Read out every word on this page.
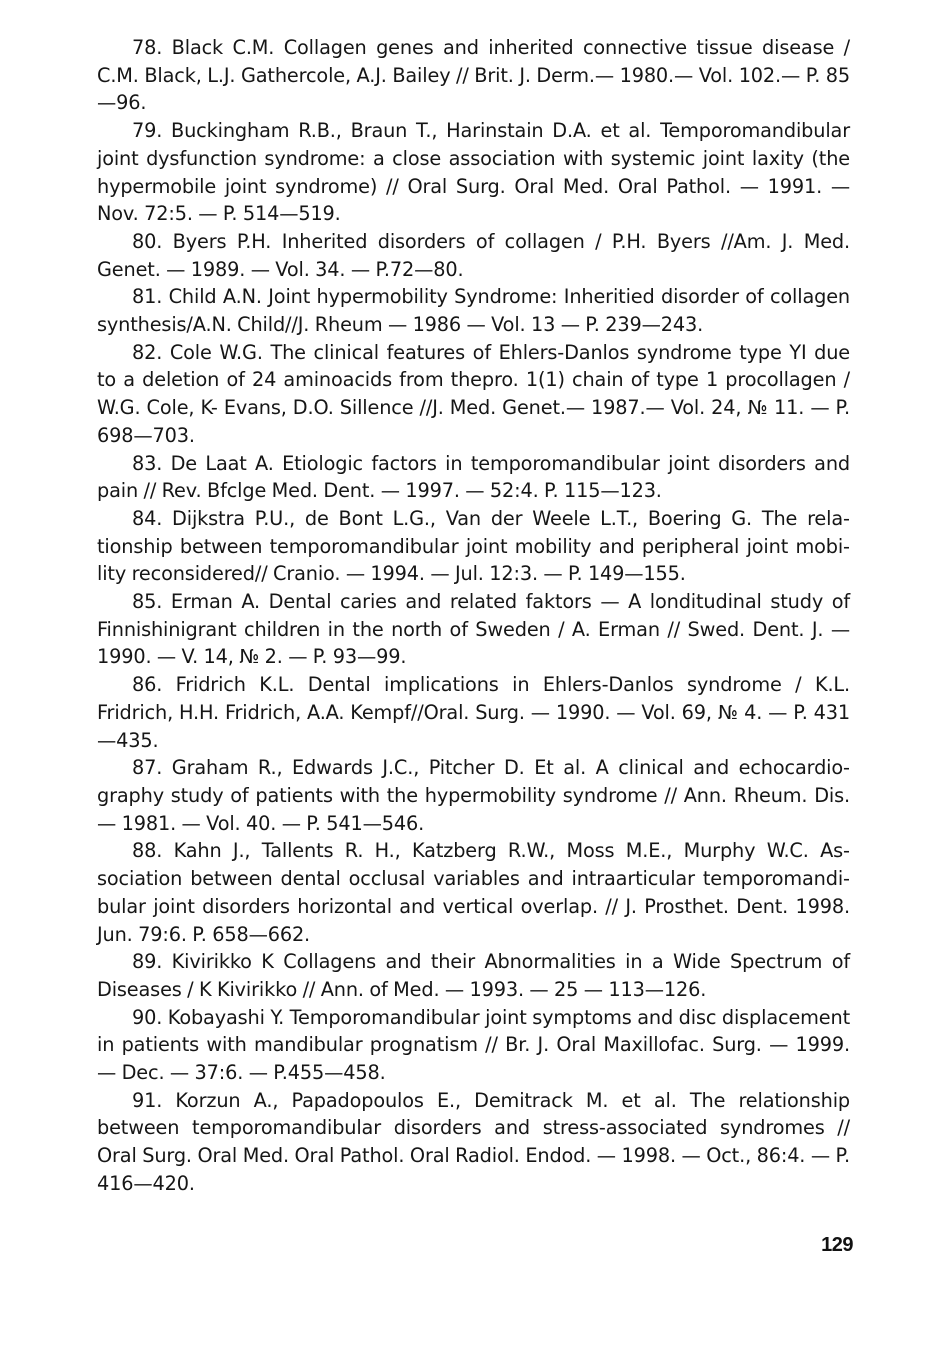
78. Black C.M. Collagen genes and inherited connective tissue disease / C.M. Black, L.J. Gathercole, A.J. Bailey // Brit. J. Derm.— 1980.— Vol. 102.— P. 85—96.

79. Buckingham R.B., Braun T., Harinstain D.A. et al. Temporomandibular joint dysfunction syndrome: a close association with systemic joint laxity (the hypermobile joint syndrome) // Oral Surg. Oral Med. Oral Pathol. — 1991. — Nov. 72:5. — P. 514—519.

80. Byers P.H. Inherited disorders of collagen / P.H. Byers //Am. J. Med. Genet. — 1989. — Vol. 34. — P.72—80.

81. Child A.N. Joint hypermobility Syndrome: Inheritied disorder of collagen synthesis/A.N. Child//J. Rheum — 1986 — Vol. 13 — P. 239—243.

82. Cole W.G. The clinical features of Ehlers-Danlos syndrome type YI due to a deletion of 24 aminoacids from thepro. 1(1) chain of type 1 procollagen / W.G. Cole, K- Evans, D.O. Sillence //J. Med. Genet.— 1987.— Vol. 24, № 11. — P. 698—703.

83. De Laat A. Etiologic factors in temporomandibular joint disorders and pain // Rev. Bfclge Med. Dent. — 1997. — 52:4. P. 115—123.

84. Dijkstra P.U., de Bont L.G., Van der Weele L.T., Boering G. The relationship between temporomandibular joint mobility and peripheral joint mobility reconsidered// Cranio. — 1994. — Jul. 12:3. — P. 149—155.

85. Erman A. Dental caries and related faktors — A londitudinal study of Finnishinigrant children in the north of Sweden / A. Erman // Swed. Dent. J. — 1990. — V. 14, № 2. — P. 93—99.

86. Fridrich K.L. Dental implications in Ehlers-Danlos syndrome / K.L. Fridrich, H.H. Fridrich, A.A. Kempf//Oral. Surg. — 1990. — Vol. 69, № 4. — P. 431—435.

87. Graham R., Edwards J.C., Pitcher D. Et al. A clinical and echocardiography study of patients with the hypermobility syndrome // Ann. Rheum. Dis. — 1981. — Vol. 40. — P. 541—546.

88. Kahn J., Tallents R. H., Katzberg R.W., Moss M.E., Murphy W.C. Association between dental occlusal variables and intraarticular temporomandibular joint disorders horizontal and vertical overlap. // J. Prosthet. Dent. 1998. Jun. 79:6. P. 658—662.

89. Kivirikko K Collagens and their Abnormalities in a Wide Spectrum of Diseases / K Kivirikko // Ann. of Med. — 1993. — 25 — 113—126.

90. Kobayashi Y. Temporomandibular joint symptoms and disc displacement in patients with mandibular prognatism // Br. J. Oral Maxillofac. Surg. — 1999. — Dec. — 37:6. — P.455—458.

91. Korzun A., Papadopoulos E., Demitrack M. et al. The relationship between temporomandibular disorders and stress-associated syndromes // Oral Surg. Oral Med. Oral Pathol. Oral Radiol. Endod. — 1998. — Oct., 86:4. — P. 416—420.

129
